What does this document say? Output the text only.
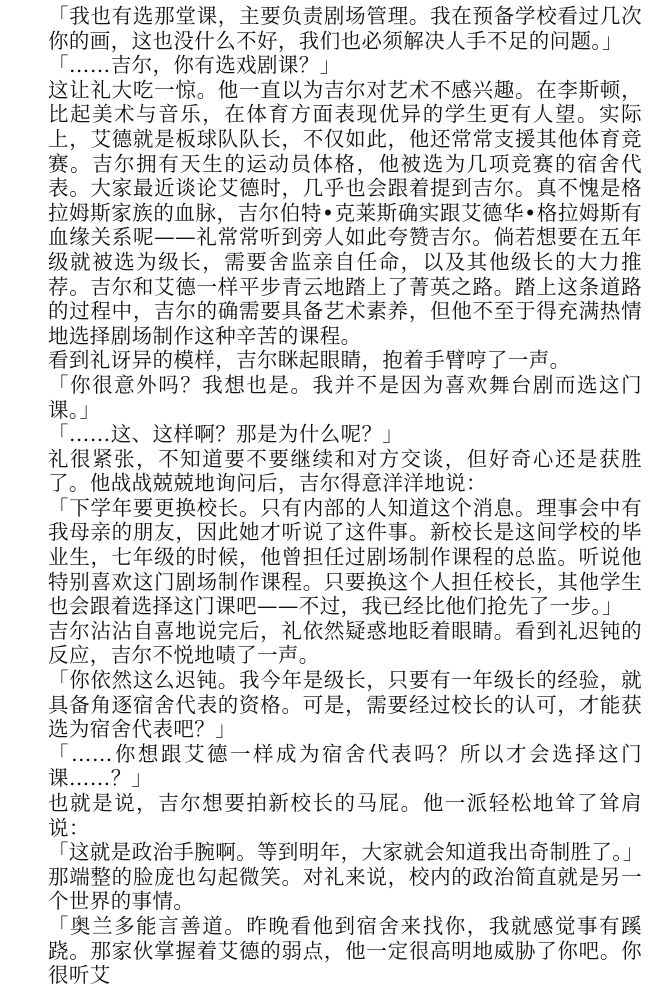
「我也有选那堂课，主要负责剧场管理。我在预备学校看过几次你的画，这也没什么不好，我们也必须解决人手不足的问题。」

「……吉尔，你有选戏剧课？」

这让礼大吃一惊。他一直以为吉尔对艺术不感兴趣。在李斯顿，比起美术与音乐，在体育方面表现优异的学生更有人望。实际上，艾德就是板球队队长，不仅如此，他还常常支援其他体育竞赛。吉尔拥有天生的运动员体格，他被选为几项竞赛的宿舍代表。大家最近谈论艾德时，几乎也会跟着提到吉尔。真不愧是格拉姆斯家族的血脉，吉尔伯特•克莱斯确实跟艾德华•格拉姆斯有血缘关系呢——礼常常听到旁人如此夸赞吉尔。倘若想要在五年级就被选为级长，需要舍监亲自任命，以及其他级长的大力推荐。吉尔和艾德一样平步青云地踏上了菁英之路。踏上这条道路的过程中，吉尔的确需要具备艺术素养，但他不至于得充满热情地选择剧场制作这种辛苦的课程。

看到礼讶异的模样，吉尔眯起眼睛，抱着手臂哼了一声。

「你很意外吗？我想也是。我并不是因为喜欢舞台剧而选这门课。」

「……这、这样啊？那是为什么呢？」

礼很紧张，不知道要不要继续和对方交谈，但好奇心还是获胜了。他战战兢兢地询问后，吉尔得意洋洋地说：

「下学年要更换校长。只有内部的人知道这个消息。理事会中有我母亲的朋友，因此她才听说了这件事。新校长是这间学校的毕业生，七年级的时候，他曾担任过剧场制作课程的总监。听说他特别喜欢这门剧场制作课程。只要换这个人担任校长，其他学生也会跟着选择这门课吧——不过，我已经比他们抢先了一步。」

吉尔沾沾自喜地说完后，礼依然疑惑地眨着眼睛。看到礼迟钝的反应，吉尔不悦地啧了一声。

「你依然这么迟钝。我今年是级长，只要有一年级长的经验，就具备角逐宿舍代表的资格。可是，需要经过校长的认可，才能获选为宿舍代表吧？」

「……你想跟艾德一样成为宿舍代表吗？所以才会选择这门课……？」

也就是说，吉尔想要拍新校长的马屁。他一派轻松地耸了耸肩说：

「这就是政治手腕啊。等到明年，大家就会知道我出奇制胜了。」

那端整的脸庞也勾起微笑。对礼来说，校内的政治简直就是另一个世界的事情。

「奥兰多能言善道。昨晚看他到宿舍来找你，我就感觉事有蹊跷。那家伙掌握着艾德的弱点，他一定很高明地威胁了你吧。你很听艾
